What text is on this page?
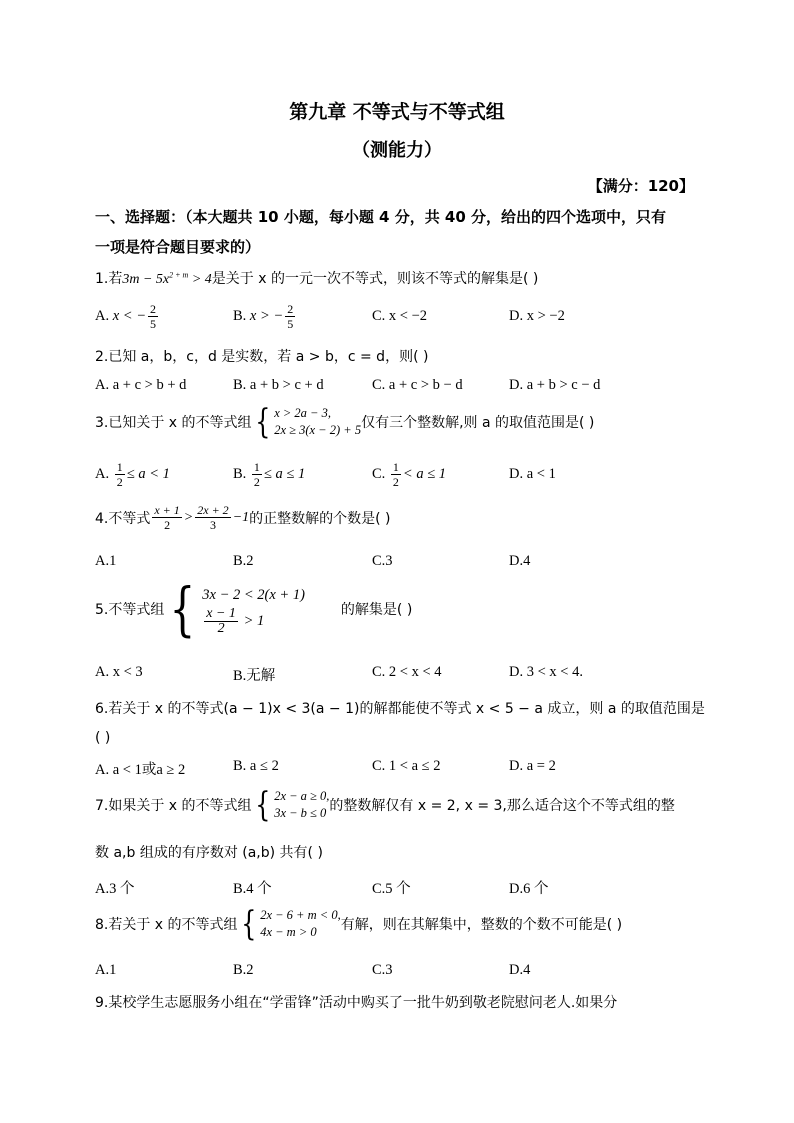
第九章 不等式与不等式组
（测能力）
【满分：120】
一、选择题：（本大题共 10 小题，每小题 4 分，共 40 分，给出的四个选项中，只有
一项是符合题目要求的）
1.若$3m - 5x^{2 + m} > 4$是关于 x 的一元一次不等式，则该不等式的解集是( )
A. x < − $\frac{2}{5}$	B. x > − $\frac{2}{5}$	C. x < −2	D. x > −2
2.已知 a，b，c，d 是实数，若 a > b，c = d，则( )
A. a + c > b + d	B. a + b > c + d	C. a + c > b − d	D. a + b > c − d
3.已知关于 x 的不等式组 { x > 2a − 3,
2x ≥ 3(x − 2) + 5 仅有三个整数解,则 a 的取值范围是( )
A. $\frac{1}{2} \le a < 1$	B. $\frac{1}{2} \le a \le 1$	C. $\frac{1}{2} < a \le 1$	D. a < 1
4.不等式 $\frac{x + 1}{2} > \frac{2x + 2}{3} -1$ 的正整数解的个数是( )
A.1	B.2	C.3	D.4
5.不等式组 { 3x − 2 < 2(x + 1)
$\frac{x - 1}{2} > 1$
的解集是( )
A. x < 3	B.无解	C. 2 < x < 4	D. 3 < x < 4.
6.若关于 x 的不等式(a − 1)x < 3(a − 1)的解都能使不等式 x < 5 − a 成立，则 a 的取值范围是
( )
A. a < 1或a ≥ 2	B. a ≤ 2	C. 1 < a ≤ 2	D. a = 2
7.如果关于 x 的不等式组 { 2x − a ≥ 0,
3x − b ≤ 0 的整数解仅有 x = 2, x = 3,那么适合这个不等式组的整
数 a,b 组成的有序数对 (a,b) 共有( )
A.3 个	B.4 个	C.5 个	D.6 个
8.若关于 x 的不等式组 { 2x − 6 + m < 0,
4x − m > 0	有解，则在其解集中，整数的个数不可能是( )
A.1	B.2	C.3	D.4
9.某校学生志愿服务小组在“学雷锋”活动中购买了一批牛奶到敬老院慰问老人.如果分
